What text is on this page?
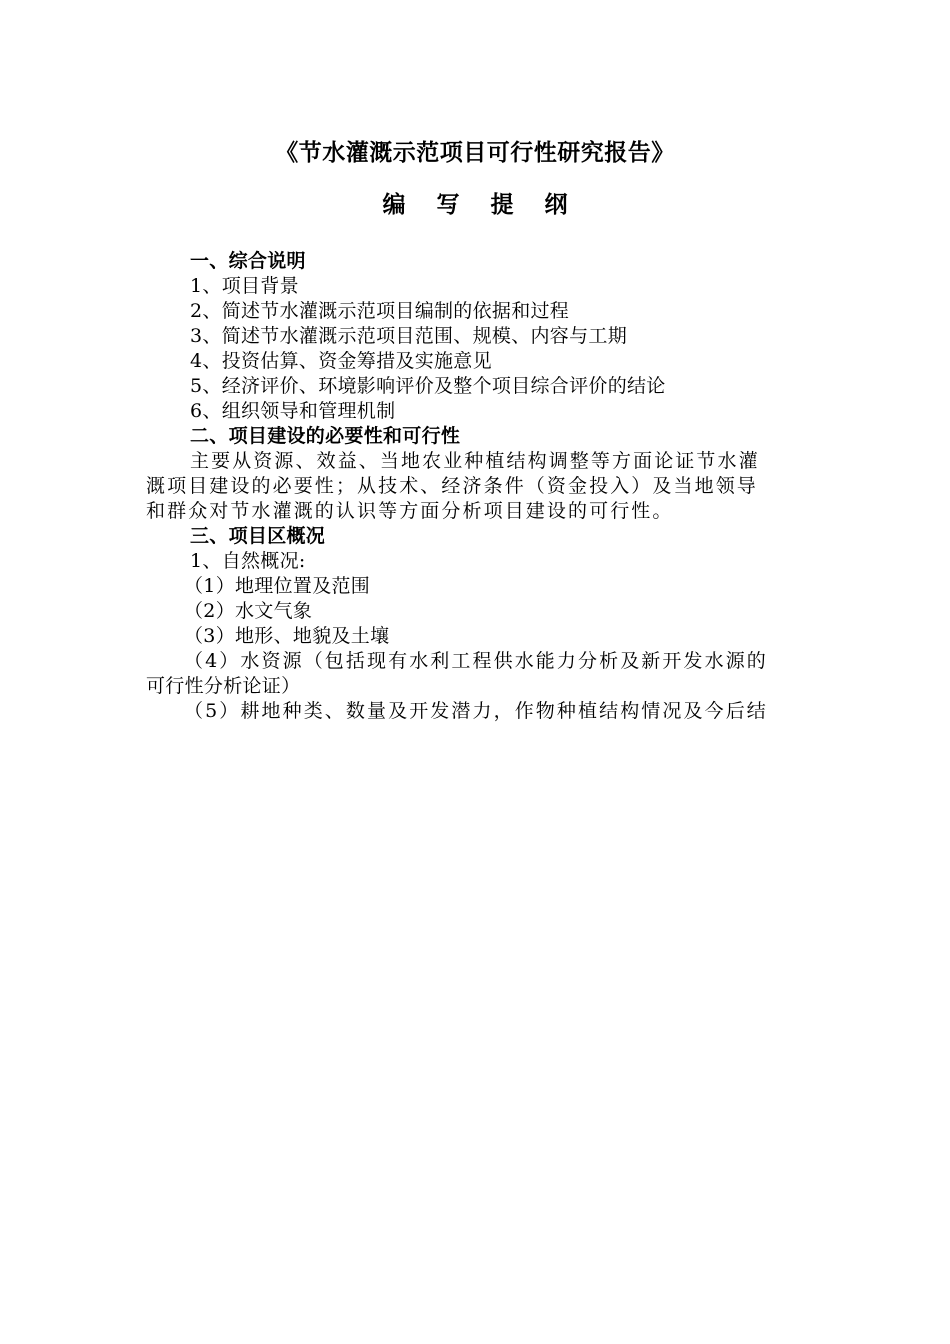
《节水灌溉示范项目可行性研究报告》
编写提纲
一、综合说明
1、项目背景
2、简述节水灌溉示范项目编制的依据和过程
3、简述节水灌溉示范项目范围、规模、内容与工期
4、投资估算、资金筹措及实施意见
5、经济评价、环境影响评价及整个项目综合评价的结论
6、组织领导和管理机制
二、项目建设的必要性和可行性
主要从资源、效益、当地农业种植结构调整等方面论证节水灌
溉项目建设的必要性；从技术、经济条件（资金投入）及当地领导
和群众对节水灌溉的认识等方面分析项目建设的可行性。
三、项目区概况
1、自然概况:
（1）地理位置及范围
（2）水文气象
（3）地形、地貌及土壤
（4）水资源（包括现有水利工程供水能力分析及新开发水源的
可行性分析论证）
（5）耕地种类、数量及开发潜力，作物种植结构情况及今后结
